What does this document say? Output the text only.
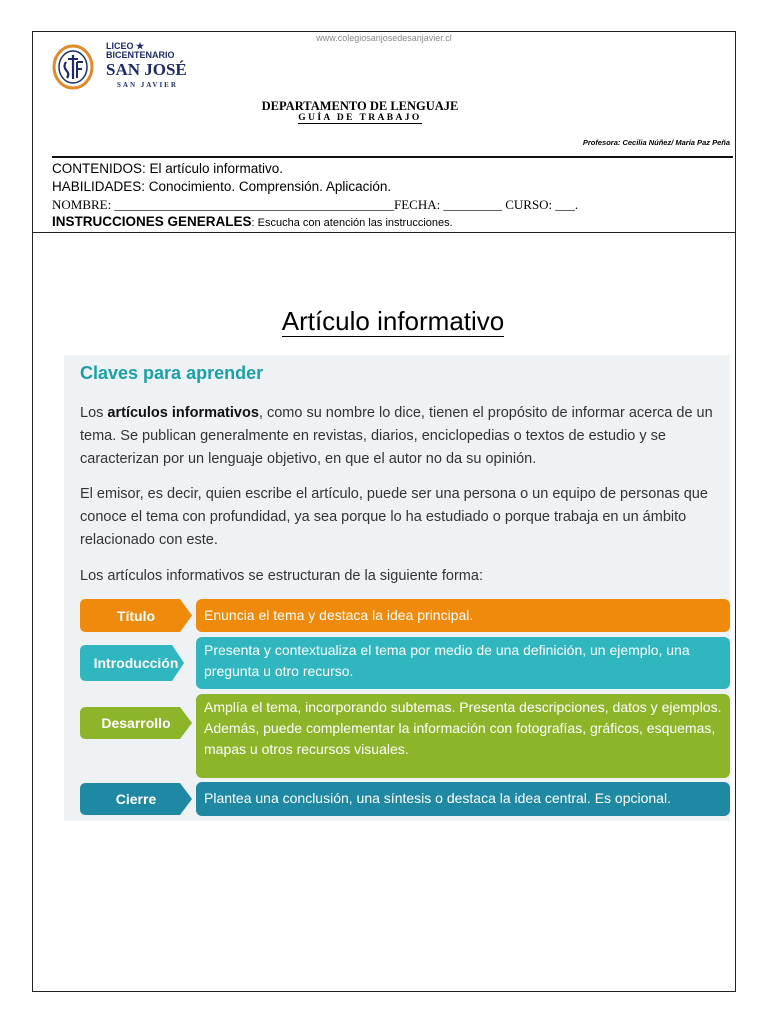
www.colegiosanjosedesanjavier.cl
LICEO ★
BICENTENARIO
SAN JOSÉ
SAN JAVIER
DEPARTAMENTO DE LENGUAJE
GUÍA DE TRABAJO
Profesora: Cecilia Núñez/ María Paz Peña
CONTENIDOS: El artículo informativo.
HABILIDADES: Conocimiento. Comprensión. Aplicación.
NOMBRE: ___________________________________________FECHA: _________ CURSO: ___.
INSTRUCCIONES GENERALES: Escucha con atención las instrucciones.
Artículo informativo
Claves para aprender
Los artículos informativos, como su nombre lo dice, tienen el propósito de informar acerca de un tema. Se publican generalmente en revistas, diarios, enciclopedias o textos de estudio y se caracterizan por un lenguaje objetivo, en que el autor no da su opinión.
El emisor, es decir, quien escribe el artículo, puede ser una persona o un equipo de personas que conoce el tema con profundidad, ya sea porque lo ha estudiado o porque trabaja en un ámbito relacionado con este.
Los artículos informativos se estructuran de la siguiente forma:
Título	Enuncia el tema y destaca la idea principal.
Introducción
Presenta y contextualiza el tema por medio de una definición, un ejemplo, una pregunta u otro recurso.
Desarrollo
Amplía el tema, incorporando subtemas. Presenta descripciones, datos y ejemplos. Además, puede complementar la información con fotografías, gráficos, esquemas, mapas u otros recursos visuales.
Cierre	Plantea una conclusión, una síntesis o destaca la idea central. Es opcional.
